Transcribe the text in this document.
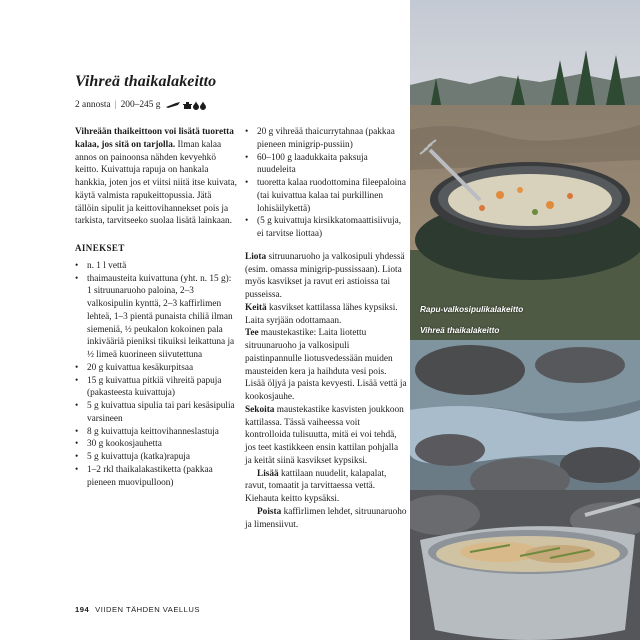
Vihreä thaikalakeitto
2 annosta | 200–245 g

Vihreään thaikeittoon voi lisätä tuoretta kalaa, jos sitä on tarjolla. Ilman kalaa annos on painoonsa nähden kevyehkö keitto. Kuivattuja rapuja on hankala hankkia, joten jos et viitsi niitä itse kuivata, käytä valmista rapukeittopussia. Jätä tällöin sipulit ja keittovihannekset pois ja tarkista, tarvitseeko suolaa lisätä lainkaan.

AINEKSET
• n. 1 l vettä
• thaimausteita kuivattuna (yht. n. 15 g): 1 sitruunaruoho paloina, 2–3 valkosipulin kynttä, 2–3 kaffirlimen lehteä, 1–3 pientä punaista chiliä ilman siemeniä, ½ peukalon kokoinen pala inkivääriä pieniksi tikuiksi leikattuna ja ½ limeä kuorineen siivutettuna
• 20 g kuivattua kesäkurpitsaa
• 15 g kuivattua pitkiä vihreitä papuja (pakasteesta kuivattuja)
• 5 g kuivattua sipulia tai pari kesäsipulia varsineen
• 8 g kuivattuja keittovihanneslastuja
• 30 g kookosjauhetta
• 5 g kuivattuja (katka)rapuja
• 1–2 rkl thaikalakastiketta (pakkaa pieneen muovipulloon)
• 20 g vihreää thaicurrytahnaa (pakkaa pieneen minigrip-pussiin)
• 60–100 g laadukkaita paksuja nuudeleita
• tuoretta kalaa ruodottomina fileepaloina (tai kuivattua kalaa tai purkillinen lohisäilykettä)
• (5 g kuivattuja kirsikkatomaattisiivuja, ei tarvitse liottaa)

Liota sitruunaruoho ja valkosipuli yhdessä (esim. omassa minigrip-pussissaan). Liota myös kasvikset ja ravut eri astioissa tai pusseissa.

Keitä kasvikset kattilassa lähes kypsiksi. Laita syrjään odottamaan.

Tee maustekastike: Laita liotettu sitruunaruoho ja valkosipuli paistinpannulle liotusvedessään muiden mausteiden kera ja haihduta vesi pois. Lisää öljyä ja paista kevyesti. Lisää vettä ja kookosjauhe.

Sekoita maustekastike kasvisten joukkoon kattilassa. Tässä vaiheessa voit kontrolloida tulisuutta, mitä ei voi tehdä, jos teet kastikkeen ensin kattilan pohjalla ja keität siinä kasvikset kypsiksi.

Lisää kattilaan nuudelit, kalapalat, ravut, tomaatit ja tarvittaessa vettä. Kiehauta keitto kypsäksi.

Poista kaffirlimen lehdet, sitruunaruoho ja limensiivut.

194 VIIDEN TÄHDEN VAELLUS
Rapu-valkosipulikalakeitto
Vihreä thaikalakeitto
